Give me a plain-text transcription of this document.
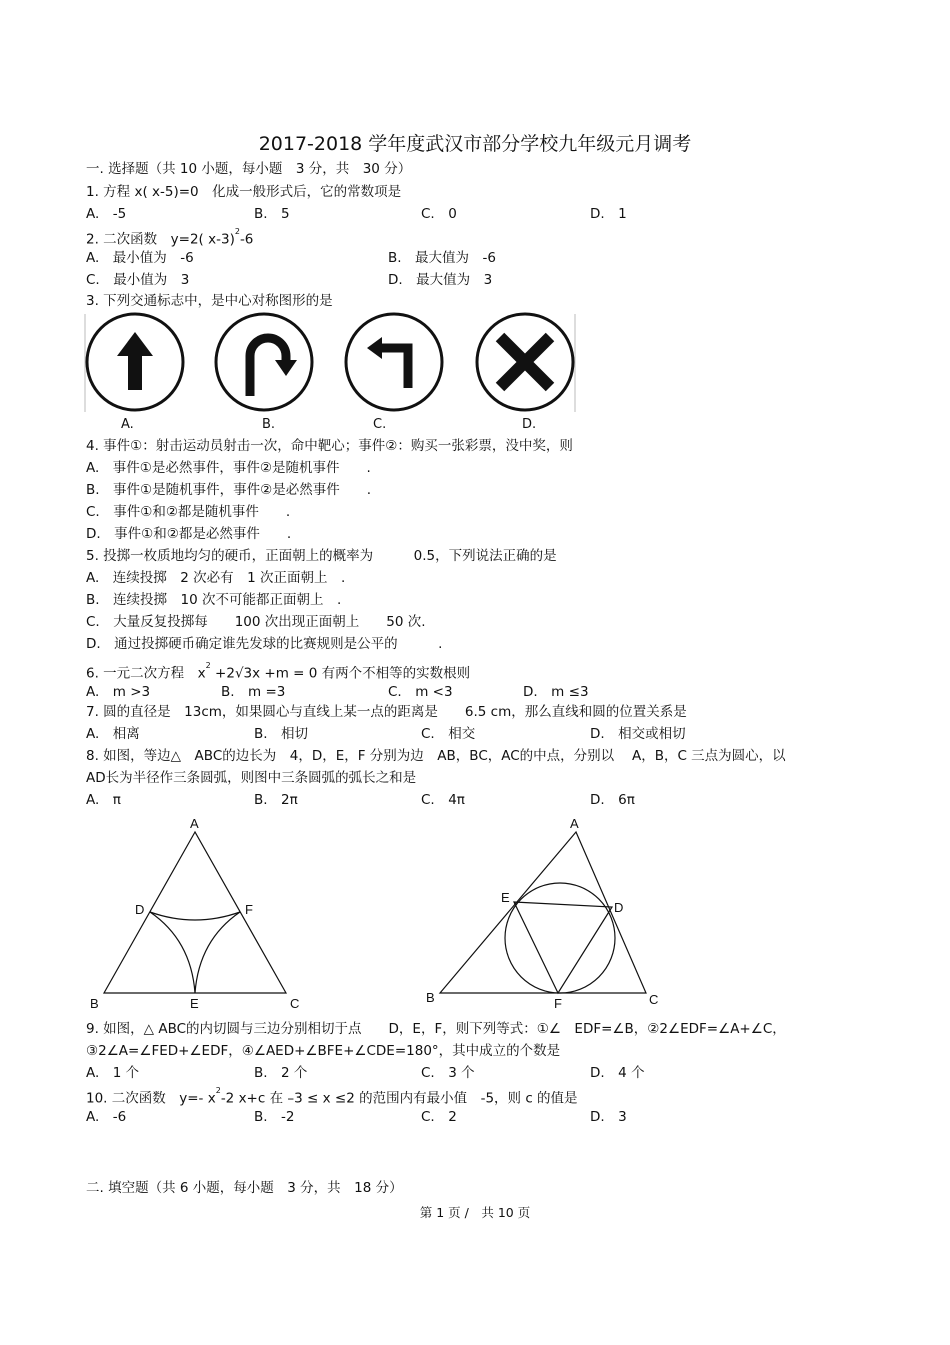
2017-2018 学年度武汉市部分学校九年级元月调考
一. 选择题（共 10 小题，每小题　3 分，共　30 分）
1. 方程 x( x-5)=0　化成一般形式后，它的常数项是
A.　-5	B.　5	C.　0	D.　1
2. 二次函数　y=2( x-3)$^2$-6
A.　最小值为　-6	B.　最大值为　-6
C.　最小值为　3	D.　最大值为　3
3. 下列交通标志中，是中心对称图形的是
A.	B.	C.	D.
4. 事件①：射击运动员射击一次，命中靶心；事件②：购买一张彩票，没中奖，则
A.　事件①是必然事件，事件②是随机事件　　.
B.　事件①是随机事件，事件②是必然事件　　.
C.　事件①和②都是随机事件　　.
D.　事件①和②都是必然事件　　.
5. 投掷一枚质地均匀的硬币，正面朝上的概率为　　　0.5，下列说法正确的是
A.　连续投掷　2 次必有　1 次正面朝上　.
B.　连续投掷　10 次不可能都正面朝上　.
C.　大量反复投掷每　　100 次出现正面朝上　　50 次.
D.　通过投掷硬币确定谁先发球的比赛规则是公平的　　　.
6. 一元二次方程　$x^2 +2√3x +m = 0$ 有两个不相等的实数根则
A.　m >3	B.　m =3	C.　m <3	D.　m ≤3
7. 圆的直径是　13cm，如果圆心与直线上某一点的距离是　　6.5 cm，那么直线和圆的位置关系是
A.　相离	B.　相切	C.　相交	D.　相交或相切
8. 如图，等边△　ABC的边长为　4，D，E，F 分别为边　AB，BC，AC的中点，分别以　 A，B，C 三点为圆心，以
AD长为半径作三条圆弧，则图中三条圆弧的弧长之和是
A.　π	B.　2π	C.　4π	D.　6π
A
D	F
B	E	C
A
E
D
B	F	C
9. 如图，△ ABC的内切圆与三边分别相切于点　　D，E，F，则下列等式：①∠　EDF=∠B，②2∠EDF=∠A+∠C，
③2∠A=∠FED+∠EDF，④∠AED+∠BFE+∠CDE=180°，其中成立的个数是
A.　1 个	B.　2 个	C.　3 个	D.　4 个
10. 二次函数　y=- $x^2-2$ x+c 在 –3 ≤ x ≤2 的范围内有最小值　-5，则 c 的值是
A.　-6	B.　-2	C.　2	D.　3
二. 填空题（共 6 小题，每小题　3 分，共　18 分）
第 1 页 /　共 10 页
